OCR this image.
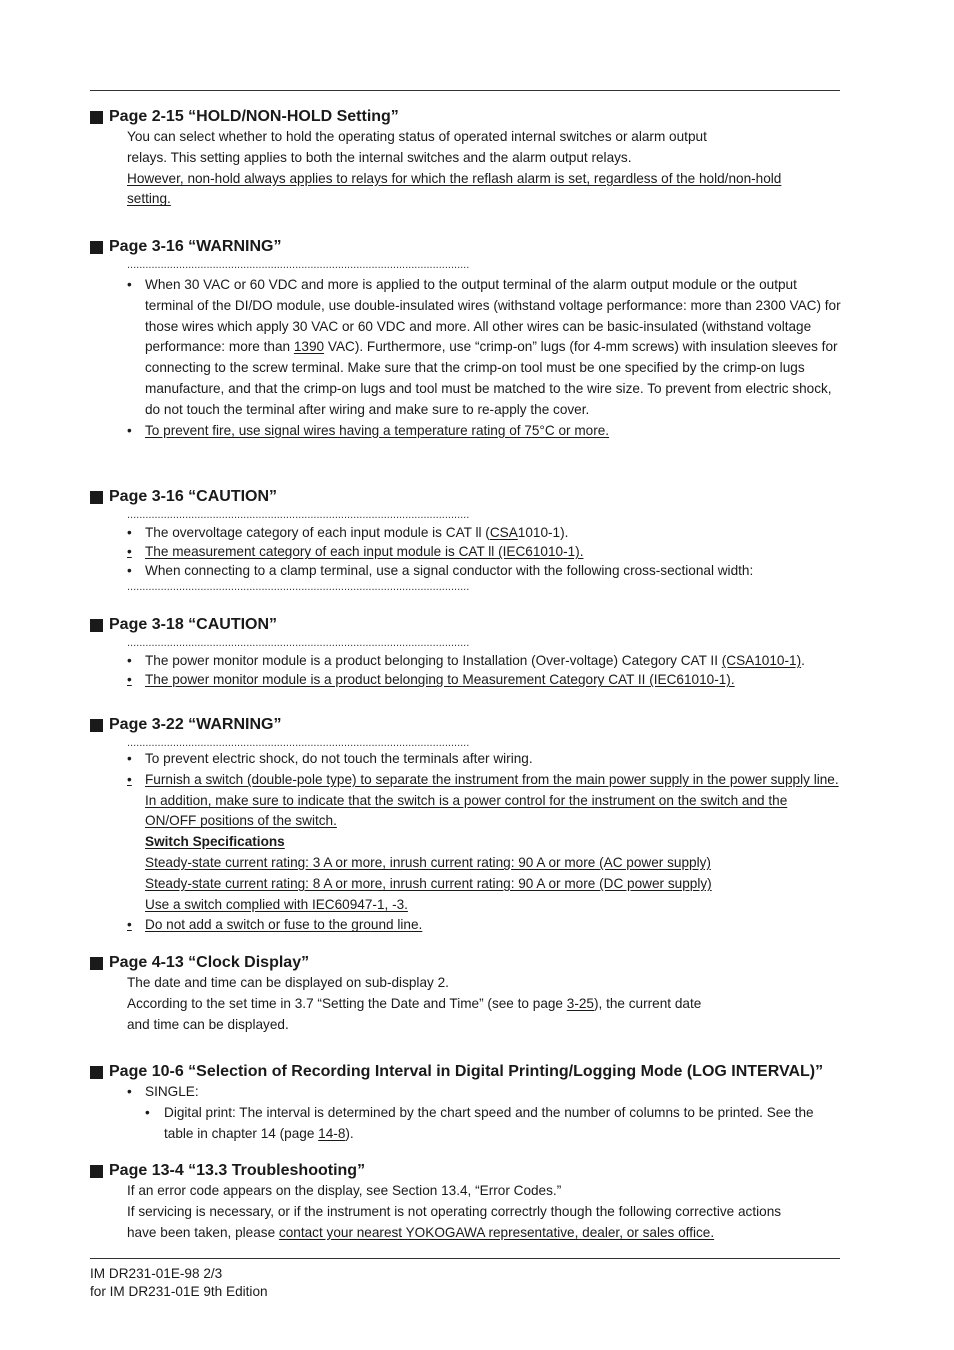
Page 2-15 “HOLD/NON-HOLD Setting”
You can select whether to hold the operating status of operated internal switches or alarm output
relays. This setting applies to both the internal switches and the alarm output relays.
However, non-hold always applies to relays for which the reflash alarm is set, regardless of the hold/non-hold
setting.
Page 3-16 “WARNING”
................................................................................................................
• When 30 VAC or 60 VDC and more is applied to the output terminal of the alarm output module or the output terminal of the DI/DO module, use double-insulated wires (withstand voltage performance: more than 2300 VAC) for those wires which apply 30 VAC or 60 VDC and more. All other wires can be basic-insulated (withstand voltage performance: more than 1390 VAC). Furthermore, use “crimp-on” lugs (for 4-mm screws) with insulation sleeves for connecting to the screw terminal. Make sure that the crimp-on tool must be one specified by the crimp-on lugs manufacture, and that the crimp-on lugs and tool must be matched to the wire size. To prevent from electric shock, do not touch the terminal after wiring and make sure to re-apply the cover.
• To prevent fire, use signal wires having a temperature rating of 75°C or more.
Page 3-16 “CAUTION”
................................................................................................................
• The overvoltage category of each input module is CAT ll (CSA1010-1).
• The measurement category of each input module is CAT ll (IEC61010-1).
• When connecting to a clamp terminal, use a signal conductor with the following cross-sectional width:
................................................................................................................
Page 3-18 “CAUTION”
................................................................................................................
• The power monitor module is a product belonging to Installation (Over-voltage) Category CAT II (CSA1010-1).
• The power monitor module is a product belonging to Measurement Category CAT II (IEC61010-1).
Page 3-22 “WARNING”
................................................................................................................
• To prevent electric shock, do not touch the terminals after wiring.
• Furnish a switch (double-pole type) to separate the instrument from the main power supply in the power supply line. In addition, make sure to indicate that the switch is a power control for the instrument on the switch and the ON/OFF positions of the switch.
Switch Specifications
Steady-state current rating: 3 A or more, inrush current rating: 90 A or more (AC power supply)
Steady-state current rating: 8 A or more, inrush current rating: 90 A or more (DC power supply)
Use a switch complied with IEC60947-1, -3.
• Do not add a switch or fuse to the ground line.
Page 4-13 “Clock Display”
The date and time can be displayed on sub-display 2.
According to the set time in 3.7 “Setting the Date and Time” (see to page 3-25), the current date
and time can be displayed.
Page 10-6 “Selection of Recording Interval in Digital Printing/Logging Mode (LOG INTERVAL)”
• SINGLE:
• Digital print: The interval is determined by the chart speed and the number of columns to be printed. See the table in chapter 14 (page 14-8).
Page 13-4 “13.3 Troubleshooting”
If an error code appears on the display, see Section 13.4, “Error Codes.”
If servicing is necessary, or if the instrument is not operating correctrly though the following corrective actions
have been taken, please contact your nearest YOKOGAWA representative, dealer, or sales office.
IM DR231-01E-98 2/3
for IM DR231-01E 9th Edition
